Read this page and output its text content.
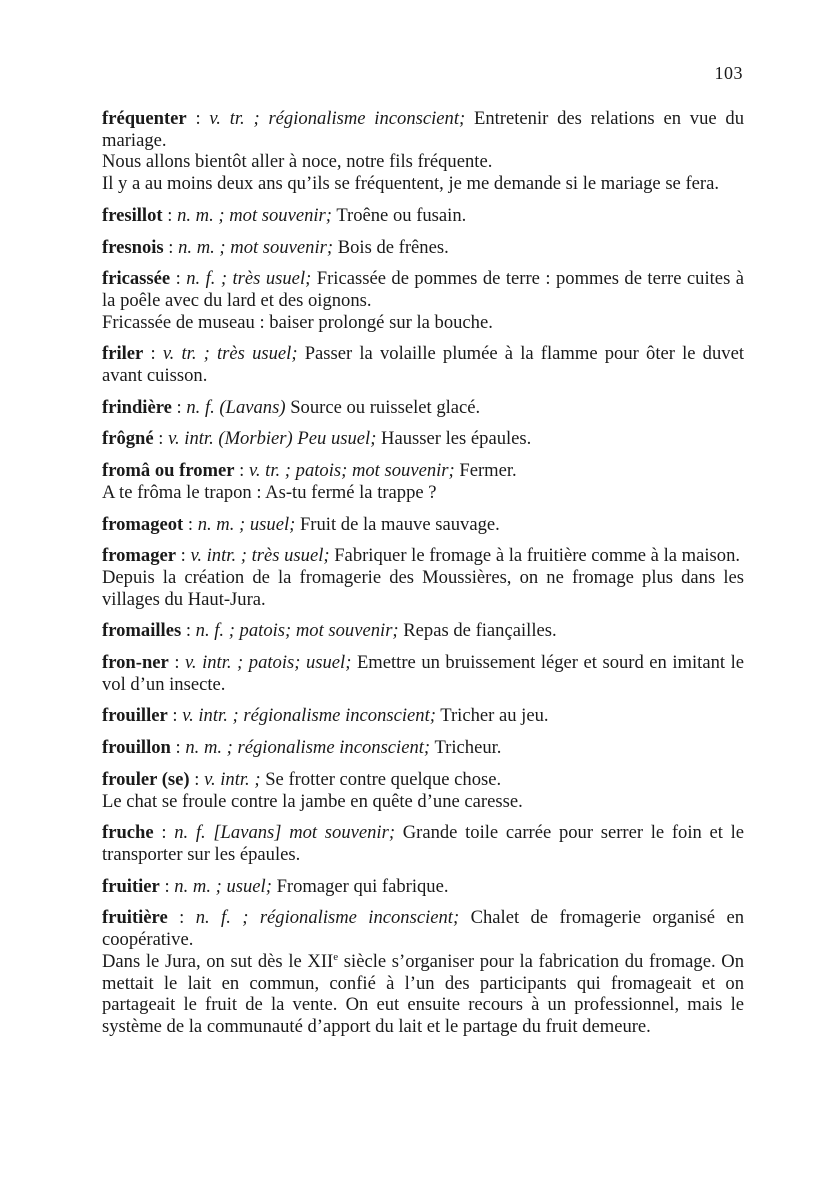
103

fréquenter : v. tr. ; régionalisme inconscient; Entretenir des relations en vue du mariage.

Nous allons bientôt aller à noce, notre fils fréquente.

Il y a au moins deux ans qu’ils se fréquentent, je me demande si le mariage se fera.

fresillot : n. m. ; mot souvenir; Troêne ou fusain.

fresnois : n. m. ; mot souvenir; Bois de frênes.

fricassée : n. f. ; très usuel; Fricassée de pommes de terre : pommes de terre cuites à la poêle avec du lard et des oignons.

Fricassée de museau : baiser prolongé sur la bouche.

friler : v. tr. ; très usuel; Passer la volaille plumée à la flamme pour ôter le duvet avant cuisson.

frindière : n. f. (Lavans) Source ou ruisselet glacé.

frôgné : v. intr. (Morbier) Peu usuel; Hausser les épaules.

fromâ ou fromer : v. tr. ; patois; mot souvenir; Fermer.

A te frôma le trapon : As-tu fermé la trappe ?

fromageot : n. m. ; usuel; Fruit de la mauve sauvage.

fromager : v. intr. ; très usuel; Fabriquer le fromage à la fruitière comme à la maison.

Depuis la création de la fromagerie des Moussières, on ne fromage plus dans les villages du Haut-Jura.

fromailles : n. f. ; patois; mot souvenir; Repas de fiançailles.

fron-ner : v. intr. ; patois; usuel; Emettre un bruissement léger et sourd en imitant le vol d’un insecte.

frouiller : v. intr. ; régionalisme inconscient; Tricher au jeu.

frouillon : n. m. ; régionalisme inconscient; Tricheur.

frouler (se) : v. intr. ; Se frotter contre quelque chose.

Le chat se froule contre la jambe en quête d’une caresse.

fruche : n. f. [Lavans] mot souvenir; Grande toile carrée pour serrer le foin et le transporter sur les épaules.

fruitier : n. m. ; usuel; Fromager qui fabrique.

fruitière : n. f. ; régionalisme inconscient; Chalet de fromagerie organisé en coopérative.

Dans le Jura, on sut dès le XIIe siècle s’organiser pour la fabrication du fromage. On mettait le lait en commun, confié à l’un des participants qui fromageait et on partageait le fruit de la vente. On eut ensuite recours à un professionnel, mais le système de la communauté d’apport du lait et le partage du fruit demeure.
